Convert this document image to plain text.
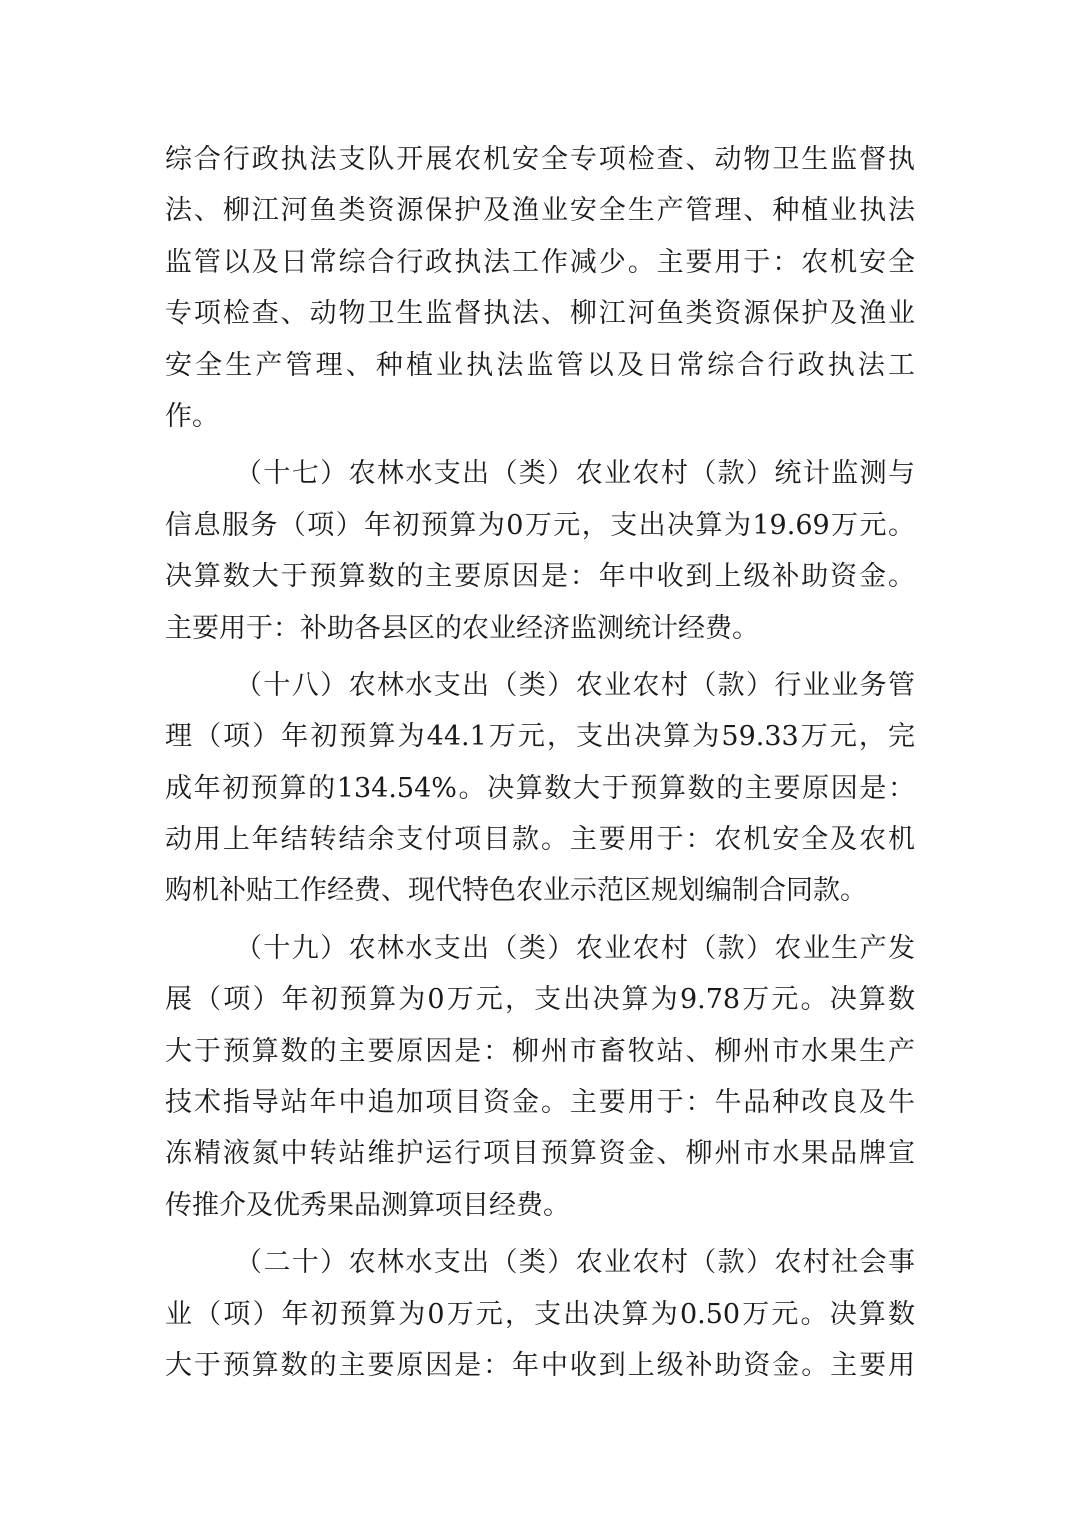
综合行政执法支队开展农机安全专项检查、动物卫生监督执
法、柳江河鱼类资源保护及渔业安全生产管理、种植业执法
监管以及日常综合行政执法工作减少。主要用于：农机安全
专项检查、动物卫生监督执法、柳江河鱼类资源保护及渔业
安全生产管理、种植业执法监管以及日常综合行政执法工
作。
（十七）农林水支出（类）农业农村（款）统计监测与
信息服务（项）年初预算为0万元，支出决算为19.69万元。
决算数大于预算数的主要原因是：年中收到上级补助资金。
主要用于：补助各县区的农业经济监测统计经费。
（十八）农林水支出（类）农业农村（款）行业业务管
理（项）年初预算为44.1万元，支出决算为59.33万元，完
成年初预算的134.54%。决算数大于预算数的主要原因是：
动用上年结转结余支付项目款。主要用于：农机安全及农机
购机补贴工作经费、现代特色农业示范区规划编制合同款。
（十九）农林水支出（类）农业农村（款）农业生产发
展（项）年初预算为0万元，支出决算为9.78万元。决算数
大于预算数的主要原因是：柳州市畜牧站、柳州市水果生产
技术指导站年中追加项目资金。主要用于：牛品种改良及牛
冻精液氮中转站维护运行项目预算资金、柳州市水果品牌宣
传推介及优秀果品测算项目经费。
（二十）农林水支出（类）农业农村（款）农村社会事
业（项）年初预算为0万元，支出决算为0.50万元。决算数
大于预算数的主要原因是：年中收到上级补助资金。主要用
